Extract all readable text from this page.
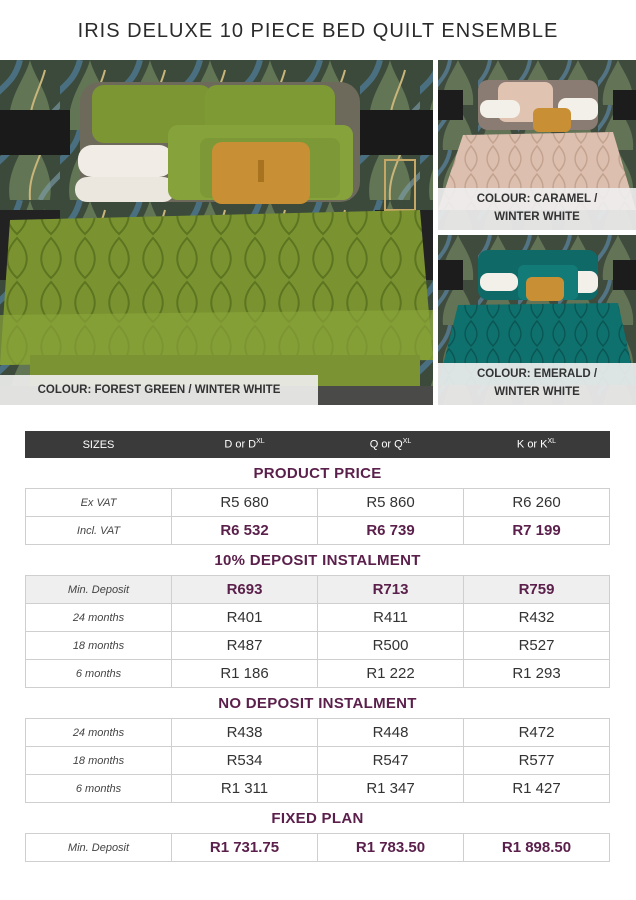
IRIS DELUXE 10 PIECE BED QUILT ENSEMBLE
COLOUR: FOREST GREEN / WINTER WHITE
COLOUR: CARAMEL /
WINTER WHITE
COLOUR: EMERALD /
WINTER WHITE
SIZES	D or $D^{XL}$	Q or $Q^{XL}$	K or $K^{XL}$
PRODUCT PRICE			
Ex VAT	R5 680	R5 860	R6 260
Incl. VAT	R6 532	R6 739	R7 199
10% DEPOSIT INSTALMENT			
Min. Deposit	R693	R713	R759
24 months	R401	R411	R432
18 months	R487	R500	R527
6 months	R1 186	R1 222	R1 293
NO DEPOSIT INSTALMENT			
24 months	R438	R448	R472
18 months	R534	R547	R577
6 months	R1 311	R1 347	R1 427
FIXED PLAN			
Min. Deposit	R1 731.75	R1 783.50	R1 898.50
